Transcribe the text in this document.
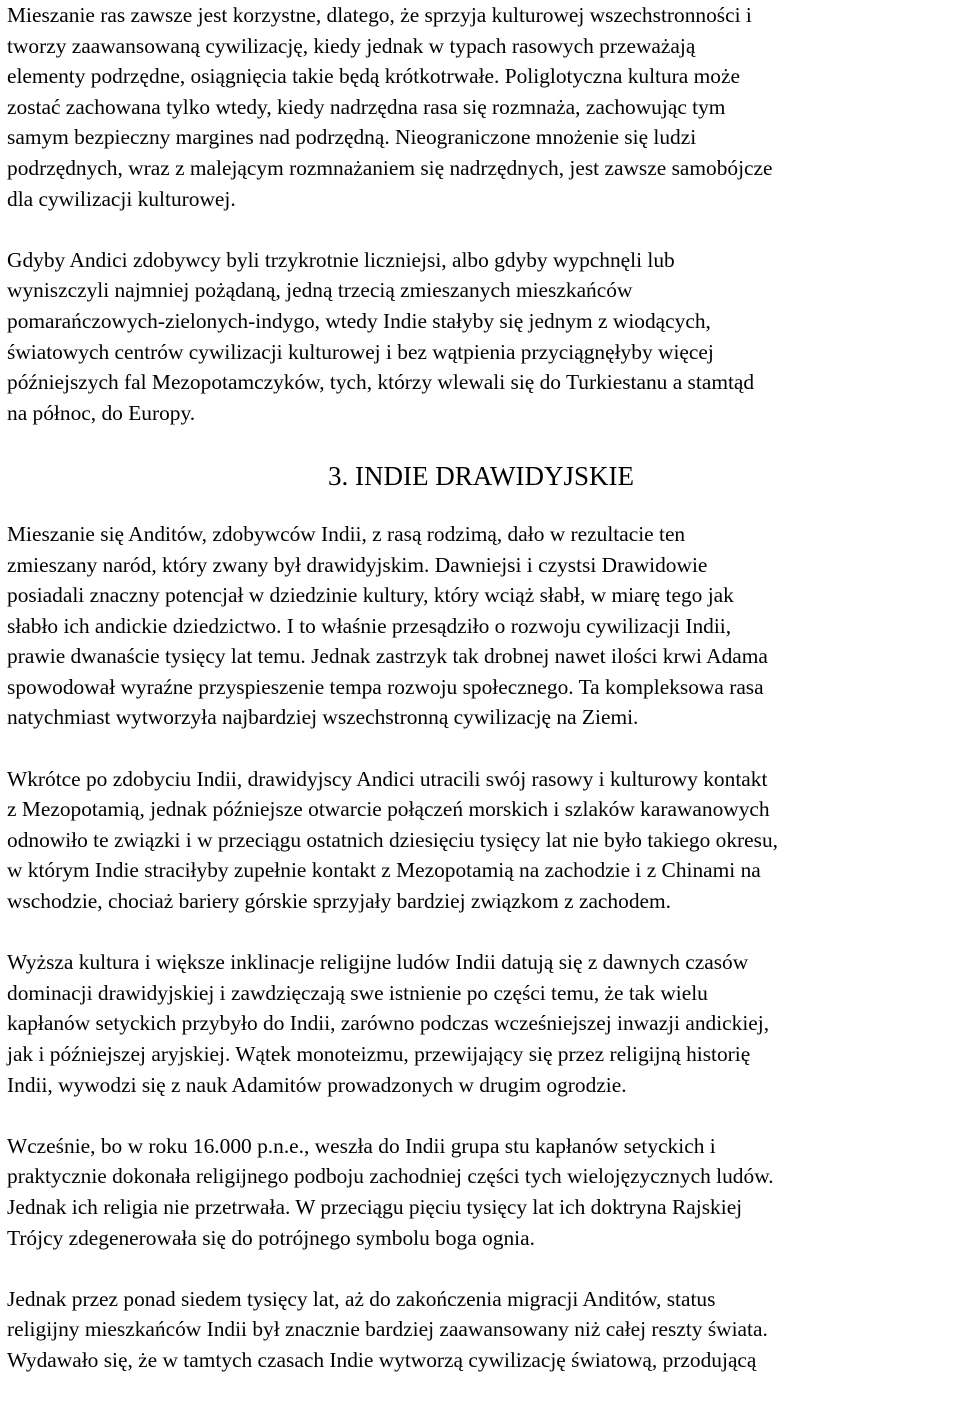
Mieszanie ras zawsze jest korzystne, dlatego, że sprzyja kulturowej wszechstronności i
tworzy zaawansowaną cywilizację, kiedy jednak w typach rasowych przeważają
elementy podrzędne, osiągnięcia takie będą krótkotrwałe. Poliglotyczna kultura może
zostać zachowana tylko wtedy, kiedy nadrzędna rasa się rozmnaża, zachowując tym
samym bezpieczny margines nad podrzędną. Nieograniczone mnożenie się ludzi
podrzędnych, wraz z malejącym rozmnażaniem się nadrzędnych, jest zawsze samobójcze
dla cywilizacji kulturowej.
Gdyby Andici zdobywcy byli trzykrotnie liczniejsi, albo gdyby wypchnęli lub
wyniszczyli najmniej pożądaną, jedną trzecią zmieszanych mieszkańców
pomarańczowych-zielonych-indygo, wtedy Indie stałyby się jednym z wiodących,
światowych centrów cywilizacji kulturowej i bez wątpienia przyciągnęłyby więcej
późniejszych fal Mezopotamczyków, tych, którzy wlewali się do Turkiestanu a stamtąd
na północ, do Europy.
3. INDIE DRAWIDYJSKIE
Mieszanie się Anditów, zdobywców Indii, z rasą rodzimą, dało w rezultacie ten
zmieszany naród, który zwany był drawidyjskim. Dawniejsi i czystsi Drawidowie
posiadali znaczny potencjał w dziedzinie kultury, który wciąż słabł, w miarę tego jak
słabło ich andickie dziedzictwo. I to właśnie przesądziło o rozwoju cywilizacji Indii,
prawie dwanaście tysięcy lat temu. Jednak zastrzyk tak drobnej nawet ilości krwi Adama
spowodował wyraźne przyspieszenie tempa rozwoju społecznego. Ta kompleksowa rasa
natychmiast wytworzyła najbardziej wszechstronną cywilizację na Ziemi.
Wkrótce po zdobyciu Indii, drawidyjscy Andici utracili swój rasowy i kulturowy kontakt
z Mezopotamią, jednak późniejsze otwarcie połączeń morskich i szlaków karawanowych
odnowiło te związki i w przeciągu ostatnich dziesięciu tysięcy lat nie było takiego okresu,
w którym Indie straciłyby zupełnie kontakt z Mezopotamią na zachodzie i z Chinami na
wschodzie, chociaż bariery górskie sprzyjały bardziej związkom z zachodem.
Wyższa kultura i większe inklinacje religijne ludów Indii datują się z dawnych czasów
dominacji drawidyjskiej i zawdzięczają swe istnienie po części temu, że tak wielu
kapłanów setyckich przybyło do Indii, zarówno podczas wcześniejszej inwazji andickiej,
jak i późniejszej aryjskiej. Wątek monoteizmu, przewijający się przez religijną historię
Indii, wywodzi się z nauk Adamitów prowadzonych w drugim ogrodzie.
Wcześnie, bo w roku 16.000 p.n.e., weszła do Indii grupa stu kapłanów setyckich i
praktycznie dokonała religijnego podboju zachodniej części tych wielojęzycznych ludów.
Jednak ich religia nie przetrwała. W przeciągu pięciu tysięcy lat ich doktryna Rajskiej
Trójcy zdegenerowała się do potrójnego symbolu boga ognia.
Jednak przez ponad siedem tysięcy lat, aż do zakończenia migracji Anditów, status
religijny mieszkańców Indii był znacznie bardziej zaawansowany niż całej reszty świata.
Wydawało się, że w tamtych czasach Indie wytworzą cywilizację światową, przodującą
